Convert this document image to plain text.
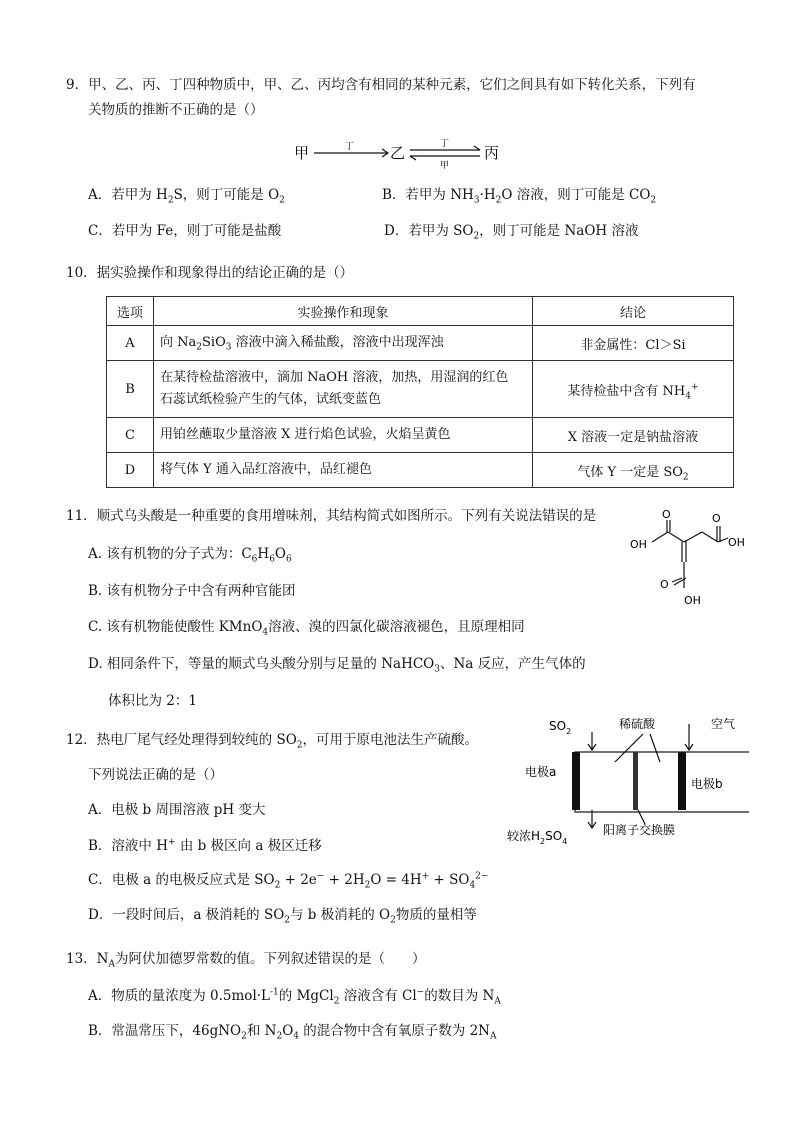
9．甲、乙、丙、丁四种物质中，甲、乙、丙均含有相同的某种元素，它们之间具有如下转化关系，下列有
关物质的推断不正确的是（）
甲	丁 乙	丁
甲
丙
A．若甲为 $H_2S$，则丁可能是 $O_2$	B．若甲为 $NH_3\cdot H_2O$ 溶液，则丁可能是 $CO_2$
C．若甲为 Fe，则丁可能是盐酸	D．若甲为 $SO_2$，则丁可能是 NaOH 溶液
10．据实验操作和现象得出的结论正确的是（）
选项	实验操作和现象	结论
A	向 $Na_2SiO_3$ 溶液中滴入稀盐酸，溶液中出现浑浊	非金属性：Cl＞Si
B	在某待检盐溶液中，滴加 NaOH 溶液，加热，用湿润的红色
石蕊试纸检验产生的气体，试纸变蓝色	某待检盐中含有 $NH_4^+$
C	用铂丝蘸取少量溶液 X 进行焰色试验，火焰呈黄色	X 溶液一定是钠盐溶液
D	将气体 Y 通入品红溶液中，品红褪色	气体 Y 一定是 $SO_2$
11．顺式乌头酸是一种重要的食用增味剂，其结构简式如图所示。下列有关说法错误的是
A. 该有机物的分子式为：$C_6H_6O_6$
B. 该有机物分子中含有两种官能团
C. 该有机物能使酸性 KMnO$_4$溶液、溴的四氯化碳溶液褪色，且原理相同
D. 相同条件下，等量的顺式乌头酸分别与足量的 NaHCO$_3$、Na 反应，产生气体的
体积比为 2：1
OH
O	O
OH
O
OH
12．热电厂尾气经处理得到较纯的 $SO_2$，可用于原电池法生产硫酸。
下列说法正确的是（）
A．电极 b 周围溶液 pH 变大
B．溶液中 H+ 由 b 极区向 a 极区迁移
C．电极 a 的电极反应式是 $SO_2 + 2e^- + 2H_2O = 4H^+ + SO_4^{2-}$
D．一段时间后，a 极消耗的 $SO_2$与 b 极消耗的 $O_2$物质的量相等
$SO_2$
稀硫酸	空气
电极a
电极b
较浓$H_2SO_4$
阳离子交换膜
13．$N_A$为阿伏加德罗常数的值。下列叙述错误的是（　　）
A．物质的量浓度为 $0.5mol\cdot L^{-1}$的 MgCl$_2$ 溶液含有 Cl−的数目为 $N_A$
B．常温常压下，46gNO$_2$和 $N_2O_4$ 的混合物中含有氧原子数为 $2N_A$
